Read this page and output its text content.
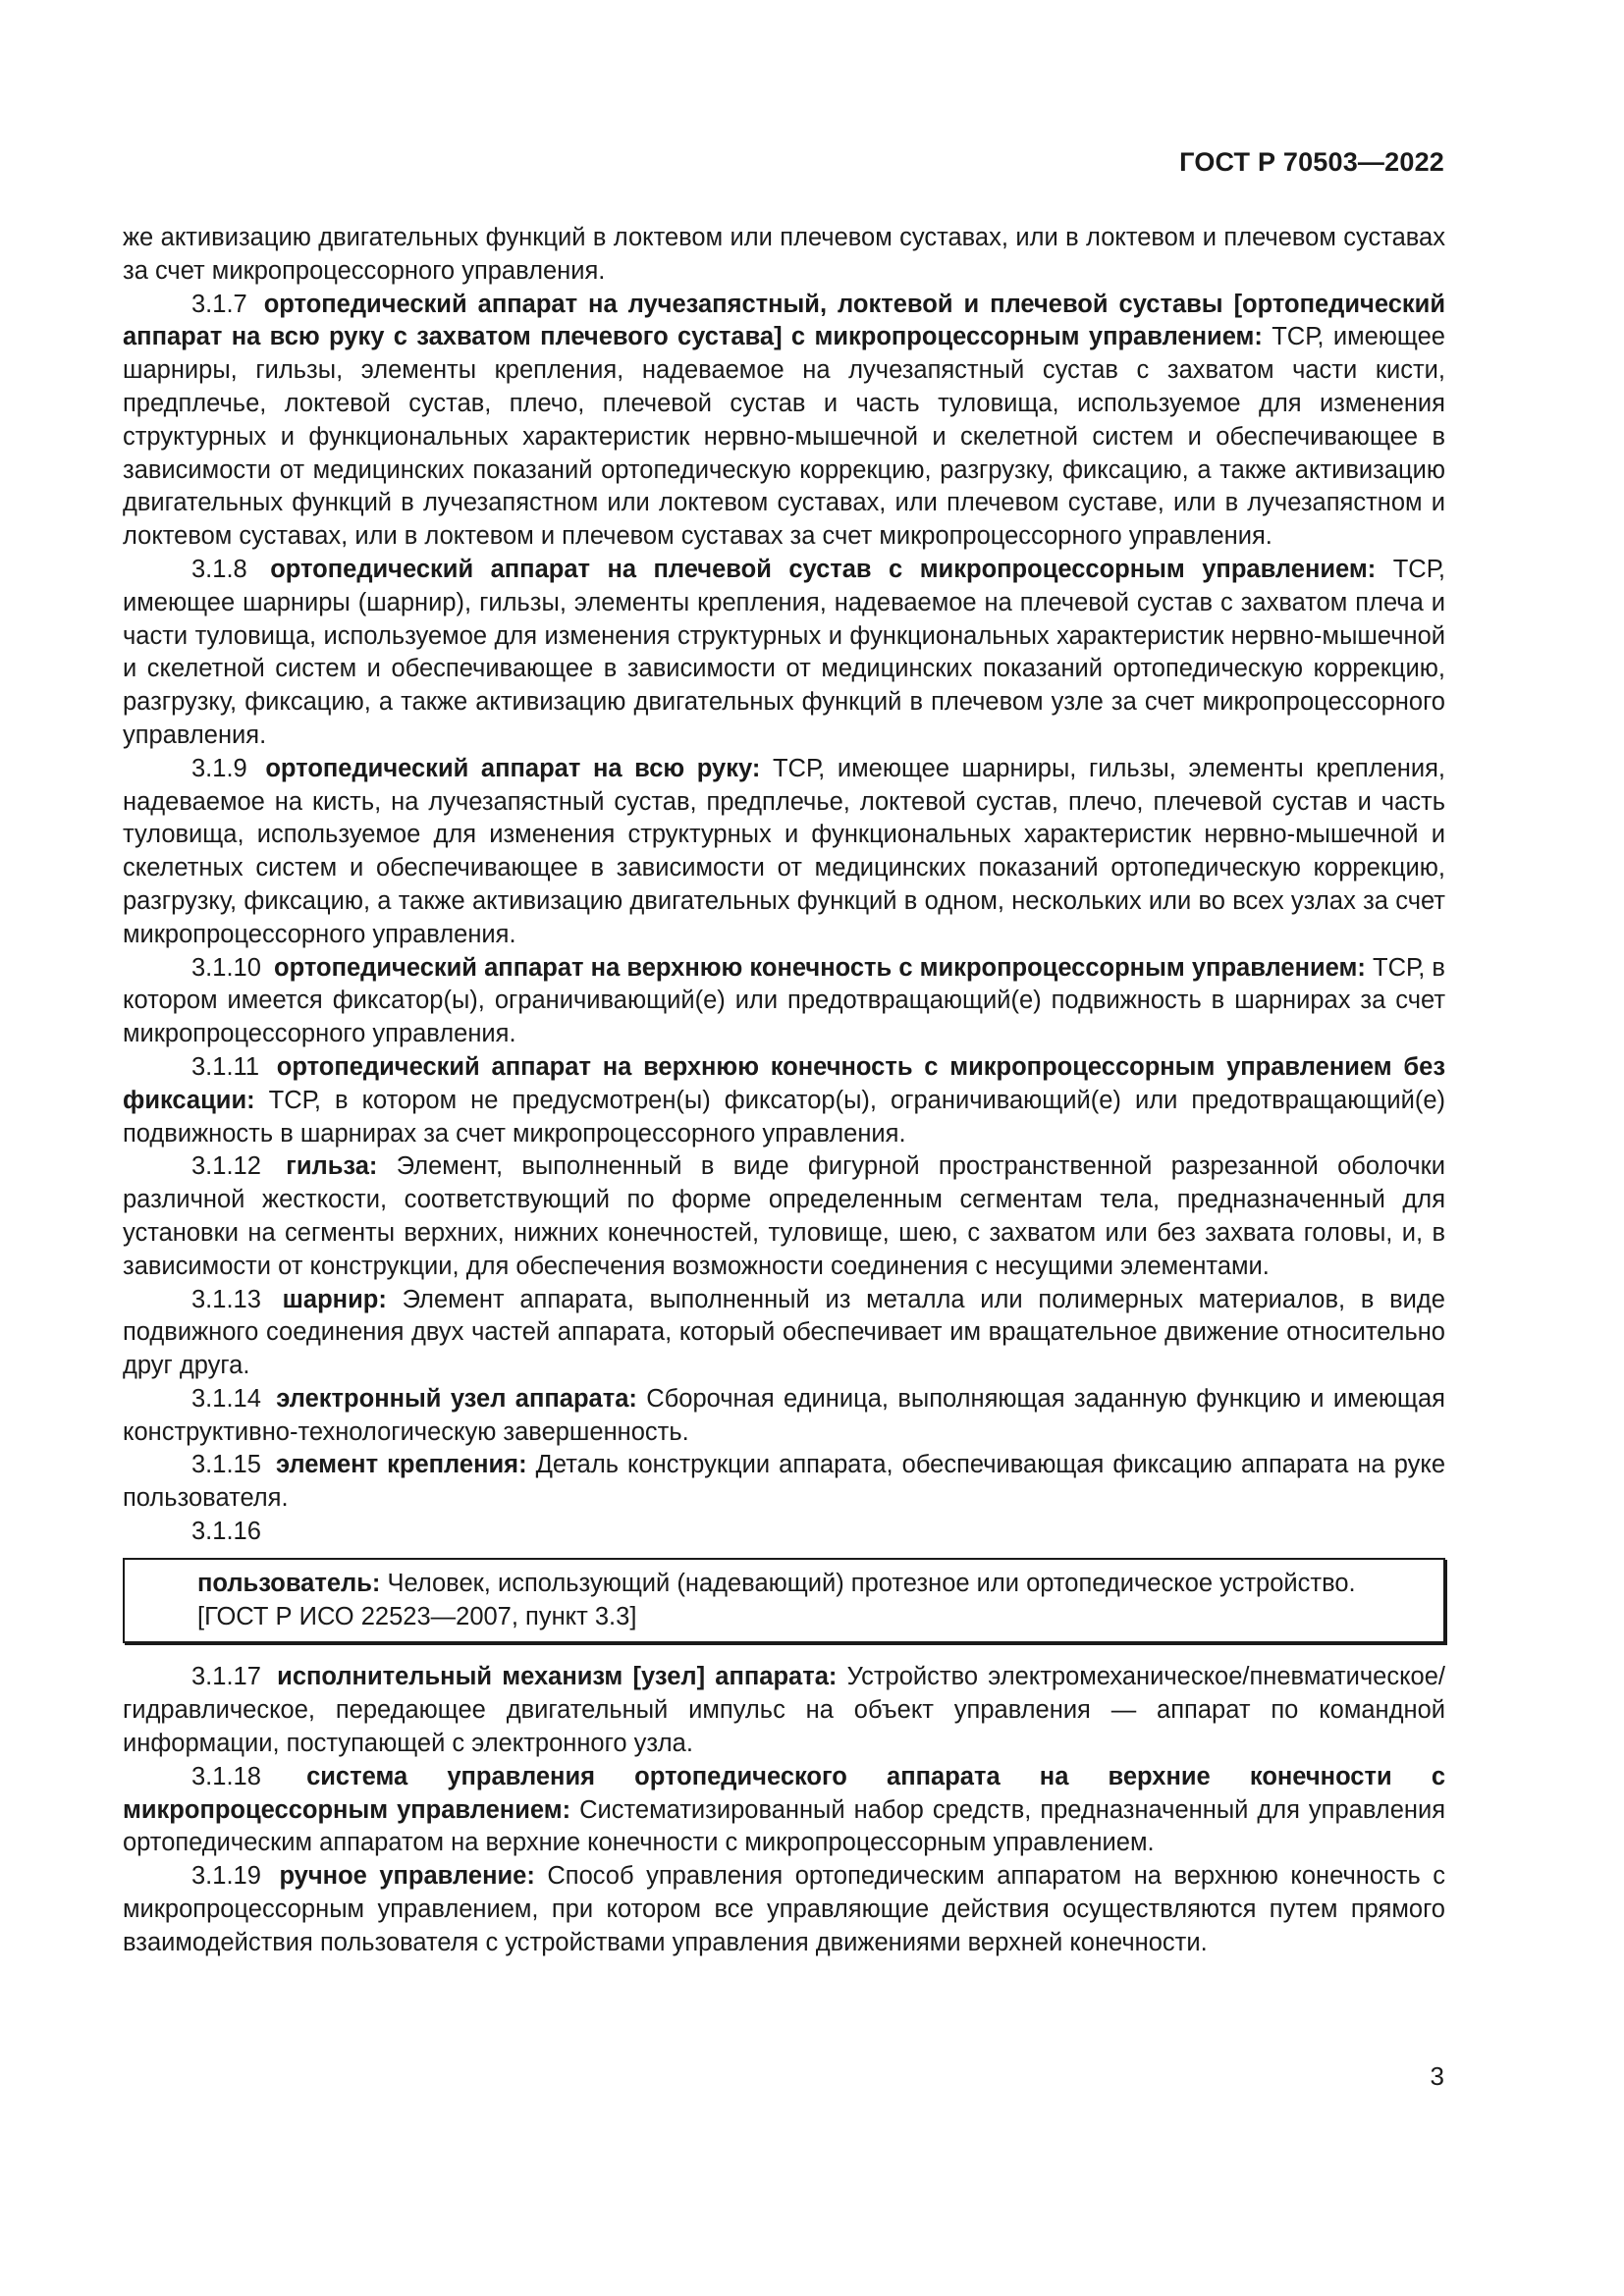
ГОСТ Р 70503—2022

же активизацию двигательных функций в локтевом или плечевом суставах, или в локтевом и плечевом суставах за счет микропроцессорного управления.

3.1.7 ортопедический аппарат на лучезапястный, локтевой и плечевой суставы [ортопедический аппарат на всю руку с захватом плечевого сустава] с микропроцессорным управлением: ТСР, имеющее шарниры, гильзы, элементы крепления, надеваемое на лучезапястный сустав с захватом части кисти, предплечье, локтевой сустав, плечо, плечевой сустав и часть туловища, используемое для изменения структурных и функциональных характеристик нервно-мышечной и скелетной систем и обеспечивающее в зависимости от медицинских показаний ортопедическую коррекцию, разгрузку, фиксацию, а также активизацию двигательных функций в лучезапястном или локтевом суставах, или плечевом суставе, или в лучезапястном и локтевом суставах, или в локтевом и плечевом суставах за счет микропроцессорного управления.

3.1.8 ортопедический аппарат на плечевой сустав с микропроцессорным управлением: ТСР, имеющее шарниры (шарнир), гильзы, элементы крепления, надеваемое на плечевой сустав с захватом плеча и части туловища, используемое для изменения структурных и функциональных характеристик нервно-мышечной и скелетной систем и обеспечивающее в зависимости от медицинских показаний ортопедическую коррекцию, разгрузку, фиксацию, а также активизацию двигательных функций в плечевом узле за счет микропроцессорного управления.

3.1.9 ортопедический аппарат на всю руку: ТСР, имеющее шарниры, гильзы, элементы крепления, надеваемое на кисть, на лучезапястный сустав, предплечье, локтевой сустав, плечо, плечевой сустав и часть туловища, используемое для изменения структурных и функциональных характеристик нервно-мышечной и скелетных систем и обеспечивающее в зависимости от медицинских показаний ортопедическую коррекцию, разгрузку, фиксацию, а также активизацию двигательных функций в одном, нескольких или во всех узлах за счет микропроцессорного управления.

3.1.10 ортопедический аппарат на верхнюю конечность с микропроцессорным управлением: ТСР, в котором имеется фиксатор(ы), ограничивающий(е) или предотвращающий(е) подвижность в шарнирах за счет микропроцессорного управления.

3.1.11 ортопедический аппарат на верхнюю конечность с микропроцессорным управлением без фиксации: ТСР, в котором не предусмотрен(ы) фиксатор(ы), ограничивающий(е) или предотвращающий(е) подвижность в шарнирах за счет микропроцессорного управления.

3.1.12 гильза: Элемент, выполненный в виде фигурной пространственной разрезанной оболочки различной жесткости, соответствующий по форме определенным сегментам тела, предназначенный для установки на сегменты верхних, нижних конечностей, туловище, шею, с захватом или без захвата головы, и, в зависимости от конструкции, для обеспечения возможности соединения с несущими элементами.

3.1.13 шарнир: Элемент аппарата, выполненный из металла или полимерных материалов, в виде подвижного соединения двух частей аппарата, который обеспечивает им вращательное движение относительно друг друга.

3.1.14 электронный узел аппарата: Сборочная единица, выполняющая заданную функцию и имеющая конструктивно-технологическую завершенность.

3.1.15 элемент крепления: Деталь конструкции аппарата, обеспечивающая фиксацию аппарата на руке пользователя.

3.1.16

пользователь: Человек, использующий (надевающий) протезное или ортопедическое устройство.

[ГОСТ Р ИСО 22523—2007, пункт 3.3]

3.1.17 исполнительный механизм [узел] аппарата: Устройство электромеханическое/пневматическое/гидравлическое, передающее двигательный импульс на объект управления — аппарат по командной информации, поступающей с электронного узла.

3.1.18 система управления ортопедического аппарата на верхние конечности с микропроцессорным управлением: Систематизированный набор средств, предназначенный для управления ортопедическим аппаратом на верхние конечности с микропроцессорным управлением.

3.1.19 ручное управление: Способ управления ортопедическим аппаратом на верхнюю конечность с микропроцессорным управлением, при котором все управляющие действия осуществляются путем прямого взаимодействия пользователя с устройствами управления движениями верхней конечности.

3
